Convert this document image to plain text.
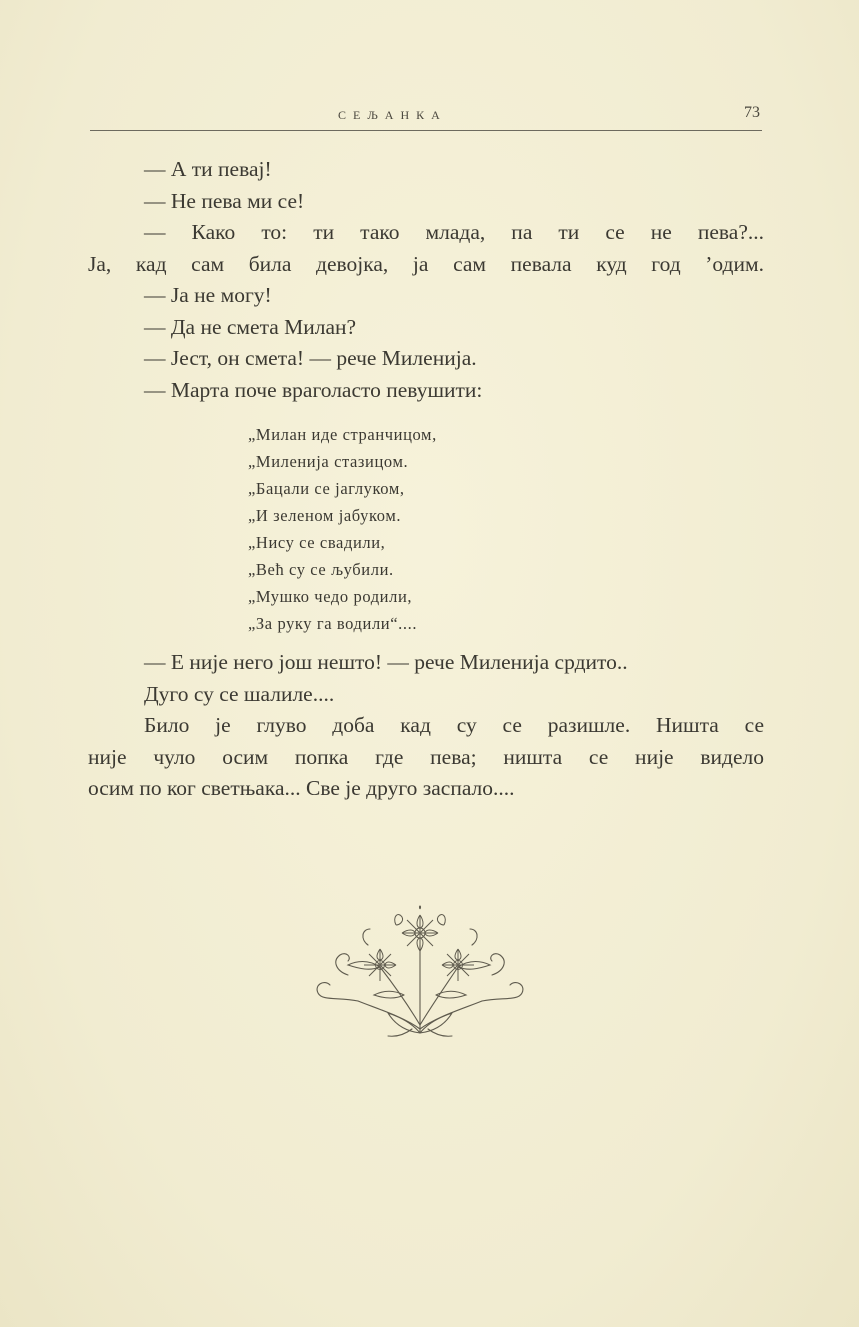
СЕЉАНКА	73
— А ти певај!
— Не пева ми се!
— Како то: ти тако млада, па ти се не пева?...
Ја, кад сам била девојка, ја сам певала куд год ’одим.
— Ја не могу!
— Да не смета Милан?
— Јест, он смета! — рече Миленија.
— Марта поче враголасто певушити:
„Милан иде странчицом,
„Миленија стазицом.
„Бацали се јаглуком,
„И зеленом јабуком.
„Нису се свадили,
„Већ су се љубили.
„Мушко чедо родили,
„За руку га водили“....
— Е није него још нешто! — рече Миленија срдито..
Дуго су се шалиле....
Било је глуво доба кад су се разишле. Ништа се
није чуло осим попка где пева; ништа се није видело
осим по ког светњака... Све је друго заспало....
